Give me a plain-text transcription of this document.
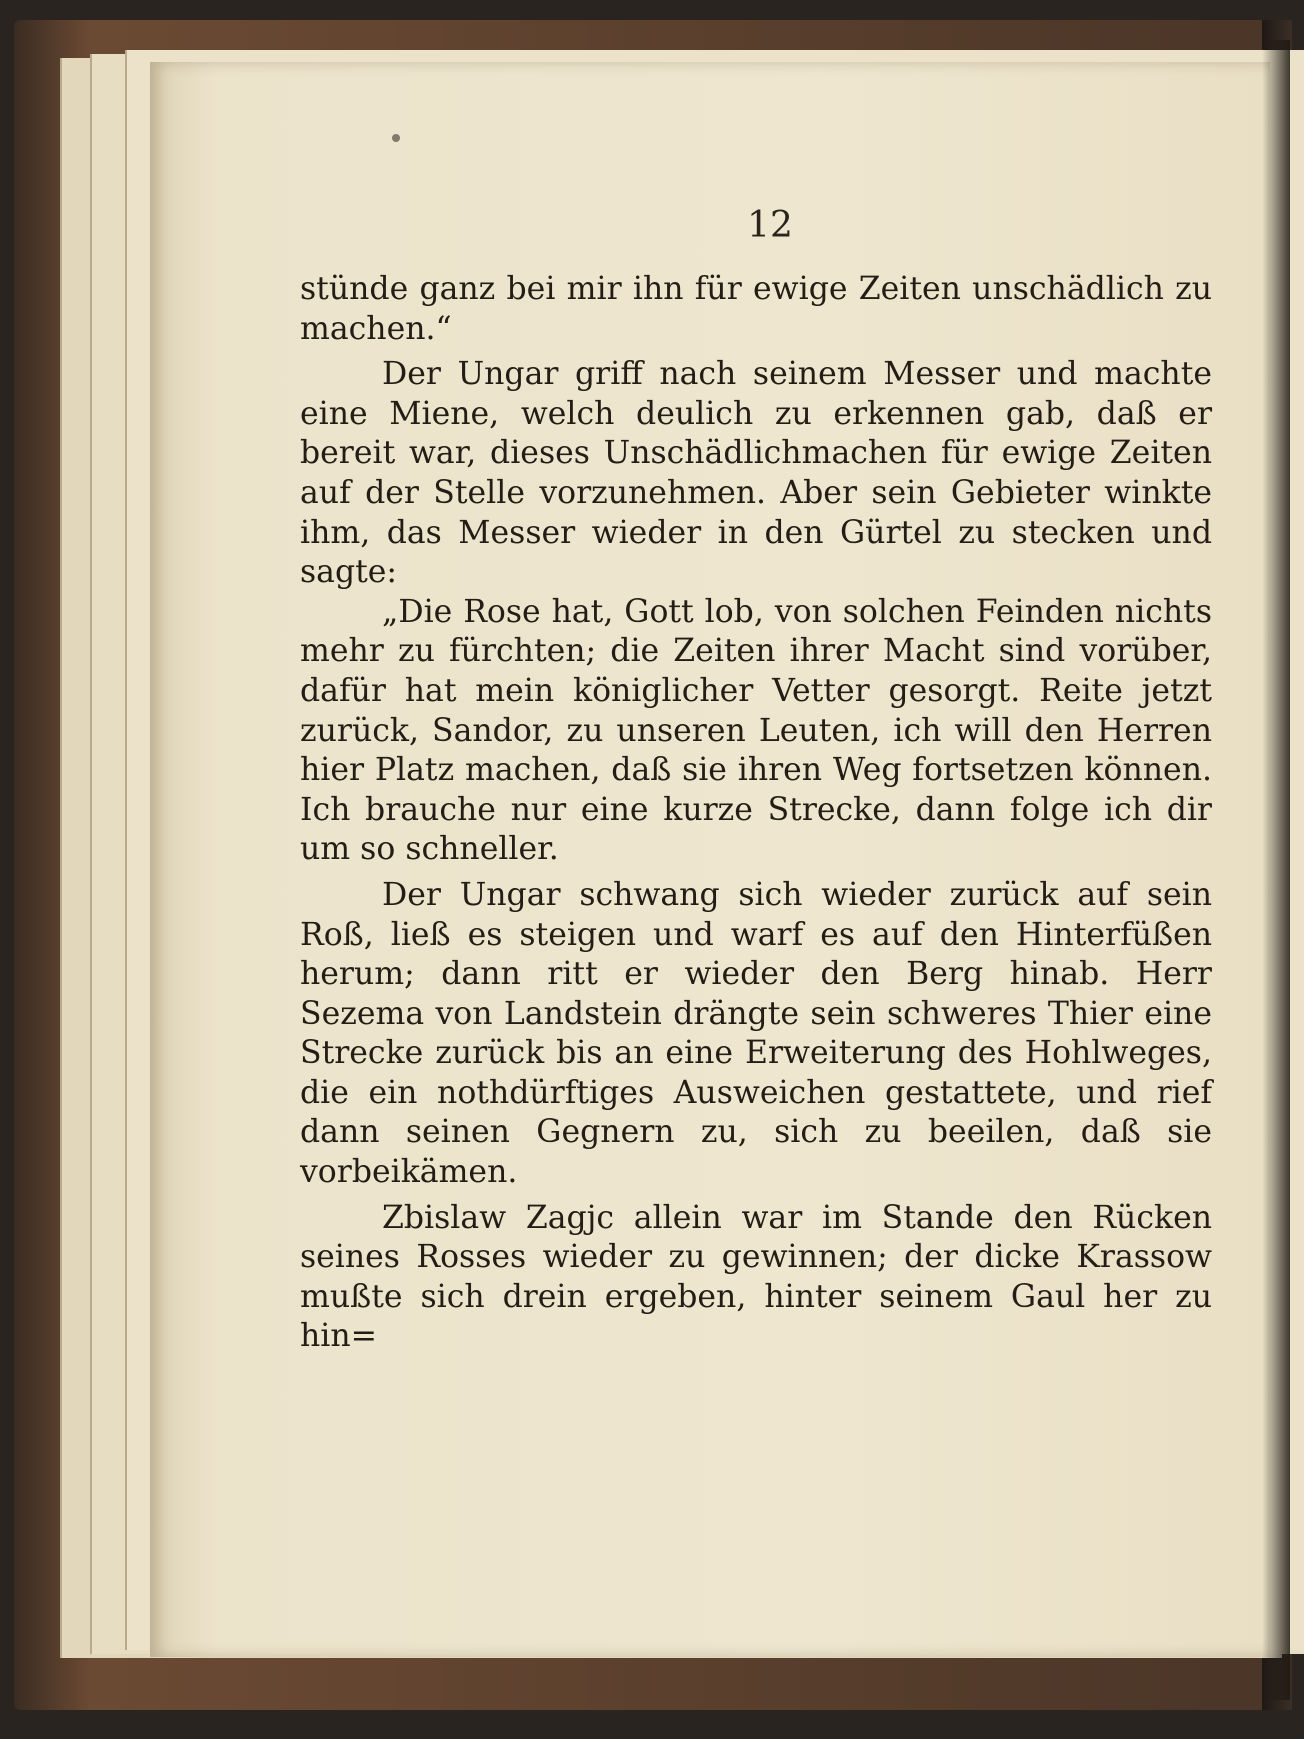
12

stünde ganz bei mir ihn für ewige Zeiten unschädlich zu machen.“

Der Ungar griff nach seinem Messer und machte eine Miene, welch deulich zu erkennen gab, daß er bereit war, dieses Unschädlichmachen für ewige Zeiten auf der Stelle vorzunehmen. Aber sein Gebieter winkte ihm, das Messer wieder in den Gürtel zu stecken und sagte:

„Die Rose hat, Gott lob, von solchen Feinden nichts mehr zu fürchten; die Zeiten ihrer Macht sind vorüber, dafür hat mein königlicher Vetter gesorgt. Reite jetzt zurück, Sandor, zu unseren Leuten, ich will den Herren hier Platz machen, daß sie ihren Weg fortsetzen können. Ich brauche nur eine kurze Strecke, dann folge ich dir um so schneller.

Der Ungar schwang sich wieder zurück auf sein Roß, ließ es steigen und warf es auf den Hinterfüßen herum; dann ritt er wieder den Berg hinab. Herr Sezema von Landstein drängte sein schweres Thier eine Strecke zurück bis an eine Erweiterung des Hohlweges, die ein nothdürftiges Ausweichen gestattete, und rief dann seinen Gegnern zu, sich zu beeilen, daß sie vorbeikämen.

Zbislaw Zagjc allein war im Stande den Rücken seines Rosses wieder zu gewinnen; der dicke Krassow mußte sich drein ergeben, hinter seinem Gaul her zu hin=
